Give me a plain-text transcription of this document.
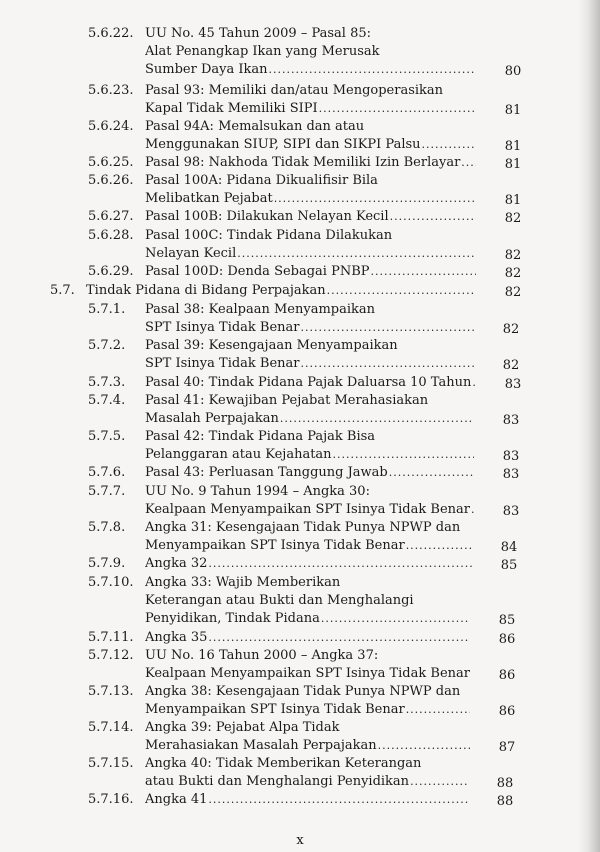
5.6.22. UU No. 45 Tahun 2009 – Pasal 85:
Alat Penangkap Ikan yang Merusak
Sumber Daya Ikan .....	80
5.6.23. Pasal 93: Memiliki dan/atau Mengoperasikan
Kapal Tidak Memiliki SIPI .....	81
5.6.24. Pasal 94A: Memalsukan dan atau
Menggunakan SIUP, SIPI dan SIKPI Palsu .....	81
5.6.25. Pasal 98: Nakhoda Tidak Memiliki Izin Berlayar .....	81
5.6.26. Pasal 100A: Pidana Dikualifisir Bila
Melibatkan Pejabat .....	81
5.6.27. Pasal 100B: Dilakukan Nelayan Kecil .....	82
5.6.28. Pasal 100C: Tindak Pidana Dilakukan
Nelayan Kecil .....	82
5.6.29. Pasal 100D: Denda Sebagai PNBP .....	82
5.7. Tindak Pidana di Bidang Perpajakan .....	82
5.7.1. Pasal 38: Kealpaan Menyampaikan
SPT Isinya Tidak Benar .....	82
5.7.2. Pasal 39: Kesengajaan Menyampaikan
SPT Isinya Tidak Benar .....	82
5.7.3. Pasal 40: Tindak Pidana Pajak Daluarsa 10 Tahun .....	83
5.7.4. Pasal 41: Kewajiban Pejabat Merahasiakan
Masalah Perpajakan .....	83
5.7.5. Pasal 42: Tindak Pidana Pajak Bisa
Pelanggaran atau Kejahatan .....	83
5.7.6. Pasal 43: Perluasan Tanggung Jawab .....	83
5.7.7. UU No. 9 Tahun 1994 – Angka 30:
Kealpaan Menyampaikan SPT Isinya Tidak Benar .....	83
5.7.8. Angka 31: Kesengajaan Tidak Punya NPWP dan
Menyampaikan SPT Isinya Tidak Benar .....	84
5.7.9. Angka 32 .....	85
5.7.10. Angka 33: Wajib Memberikan
Keterangan atau Bukti dan Menghalangi
Penyidikan, Tindak Pidana .....	85
5.7.11. Angka 35 .....	86
5.7.12. UU No. 16 Tahun 2000 – Angka 37:
Kealpaan Menyampaikan SPT Isinya Tidak Benar	86
5.7.13. Angka 38: Kesengajaan Tidak Punya NPWP dan
Menyampaikan SPT Isinya Tidak Benar .....	86
5.7.14. Angka 39: Pejabat Alpa Tidak
Merahasiakan Masalah Perpajakan .....	87
5.7.15. Angka 40: Tidak Memberikan Keterangan
atau Bukti dan Menghalangi Penyidikan .....	88
5.7.16. Angka 41 .....	88
x
